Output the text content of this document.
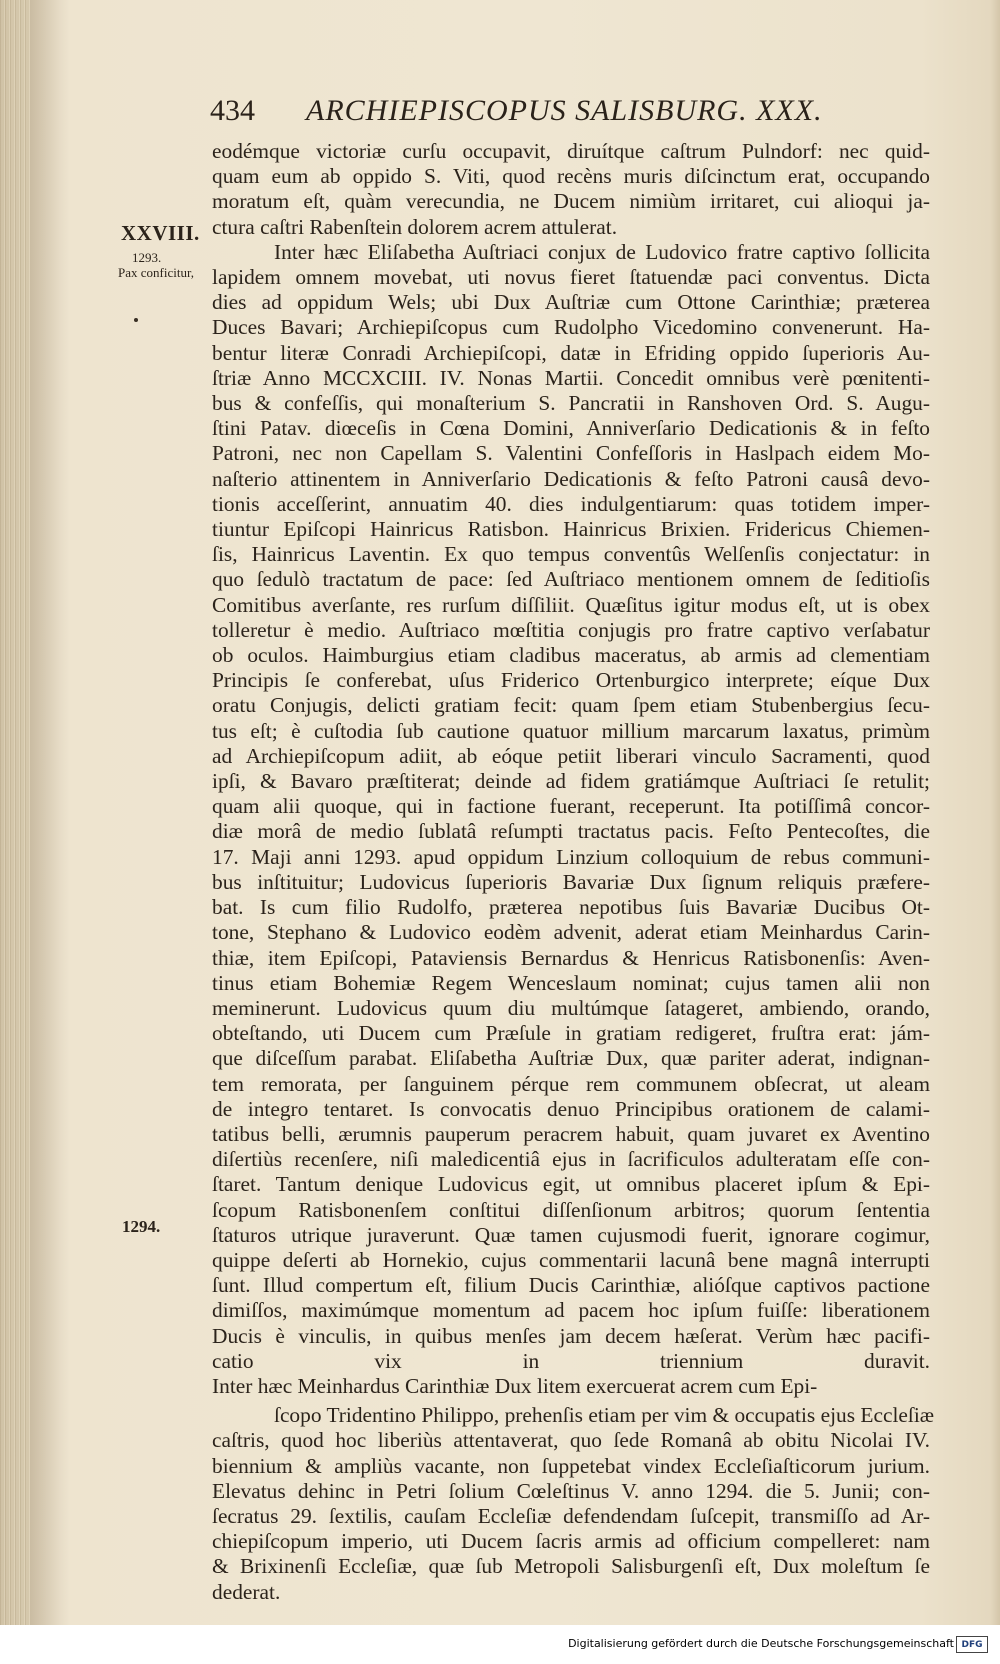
434 ARCHIEPISCOPUS SALISBURG. XXX.
XXVIII.
1293.
Pax conficitur,
1294.
eodémque victoriæ curſu occupavit, diruítque caſtrum Pulndorf: nec quid-
quam eum ab oppido S. Viti, quod recèns muris diſcinctum erat, occupando
moratum eſt, quàm verecundia, ne Ducem nimiùm irritaret, cui alioqui ja-
ctura caſtri Rabenſtein dolorem acrem attulerat.
Inter hæc Eliſabetha Auſtriaci conjux de Ludovico fratre captivo ſollicita
lapidem omnem movebat, uti novus fieret ſtatuendæ paci conventus. Dicta
dies ad oppidum Wels; ubi Dux Auſtriæ cum Ottone Carinthiæ; præterea
Duces Bavari; Archiepiſcopus cum Rudolpho Vicedomino convenerunt. Ha-
bentur literæ Conradi Archiepiſcopi, datæ in Efriding oppido ſuperioris Au-
ſtriæ Anno MCCXCIII. IV. Nonas Martii. Concedit omnibus verè pœnitenti-
bus & confeſſis, qui monaſterium S. Pancratii in Ranshoven Ord. S. Augu-
ſtini Patav. diœceſis in Cœna Domini, Anniverſario Dedicationis & in feſto
Patroni, nec non Capellam S. Valentini Confeſſoris in Haslpach eidem Mo-
naſterio attinentem in Anniverſario Dedicationis & feſto Patroni causâ devo-
tionis acceſſerint, annuatim 40. dies indulgentiarum: quas totidem imper-
tiuntur Epiſcopi Hainricus Ratisbon. Hainricus Brixien. Fridericus Chiemen-
ſis, Hainricus Laventin. Ex quo tempus conventûs Welſenſis conjectatur: in
quo ſedulò tractatum de pace: ſed Auſtriaco mentionem omnem de ſeditioſis
Comitibus averſante, res rurſum diſſiliit. Quæſitus igitur modus eſt, ut is obex
tolleretur è medio. Auſtriaco mœſtitia conjugis pro fratre captivo verſabatur
ob oculos. Haimburgius etiam cladibus maceratus, ab armis ad clementiam
Principis ſe conferebat, uſus Friderico Ortenburgico interprete; eíque Dux
oratu Conjugis, delicti gratiam fecit: quam ſpem etiam Stubenbergius ſecu-
tus eſt; è cuſtodia ſub cautione quatuor millium marcarum laxatus, primùm
ad Archiepiſcopum adiit, ab eóque petiit liberari vinculo Sacramenti, quod
ipſi, & Bavaro præſtiterat; deinde ad fidem gratiámque Auſtriaci ſe retulit;
quam alii quoque, qui in factione fuerant, receperunt. Ita potiſſimâ concor-
diæ morâ de medio ſublatâ reſumpti tractatus pacis. Feſto Pentecoſtes, die
17. Maji anni 1293. apud oppidum Linzium colloquium de rebus communi-
bus inſtituitur; Ludovicus ſuperioris Bavariæ Dux ſignum reliquis præfere-
bat. Is cum filio Rudolfo, præterea nepotibus ſuis Bavariæ Ducibus Ot-
tone, Stephano & Ludovico eodèm advenit, aderat etiam Meinhardus Carin-
thiæ, item Epiſcopi, Pataviensis Bernardus & Henricus Ratisbonenſis: Aven-
tinus etiam Bohemiæ Regem Wenceslaum nominat; cujus tamen alii non
meminerunt. Ludovicus quum diu multúmque ſatageret, ambiendo, orando,
obteſtando, uti Ducem cum Præſule in gratiam redigeret, fruſtra erat: jám-
que diſceſſum parabat. Eliſabetha Auſtriæ Dux, quæ pariter aderat, indignan-
tem remorata, per ſanguinem pérque rem communem obſecrat, ut aleam
de integro tentaret. Is convocatis denuo Principibus orationem de calami-
tatibus belli, ærumnis pauperum peracrem habuit, quam juvaret ex Aventino
diſertiùs recenſere, niſi maledicentiâ ejus in ſacrificulos adulteratam eſſe con-
ſtaret. Tantum denique Ludovicus egit, ut omnibus placeret ipſum & Epi-
ſcopum Ratisbonenſem conſtitui diſſenſionum arbitros; quorum ſententia
ſtaturos utrique juraverunt. Quæ tamen cujusmodi fuerit, ignorare cogimur,
quippe deſerti ab Hornekio, cujus commentarii lacunâ bene magnâ interrupti
ſunt. Illud compertum eſt, filium Ducis Carinthiæ, alióſque captivos pactione
dimiſſos, maximúmque momentum ad pacem hoc ipſum fuiſſe: liberationem
Ducis è vinculis, in quibus menſes jam decem hæſerat. Verùm hæc pacifi-
catio vix in triennium duravit.
Inter hæc Meinhardus Carinthiæ Dux litem exercuerat acrem cum Epi-
ſcopo Tridentino Philippo, prehenſis etiam per vim & occupatis ejus Eccleſiæ
caſtris, quod hoc liberiùs attentaverat, quo ſede Romanâ ab obitu Nicolai IV.
biennium & ampliùs vacante, non ſuppetebat vindex Eccleſiaſticorum jurium.
Elevatus dehinc in Petri ſolium Cœleſtinus V. anno 1294. die 5. Junii; con-
ſecratus 29. ſextilis, cauſam Eccleſiæ defendendam ſuſcepit, transmiſſo ad Ar-
chiepiſcopum imperio, uti Ducem ſacris armis ad officium compelleret: nam
& Brixinenſi Eccleſiæ, quæ ſub Metropoli Salisburgenſi eſt, Dux moleſtum ſe
dederat.
Digitalisierung gefördert durch die Deutsche Forschungsgemeinschaft DFG
